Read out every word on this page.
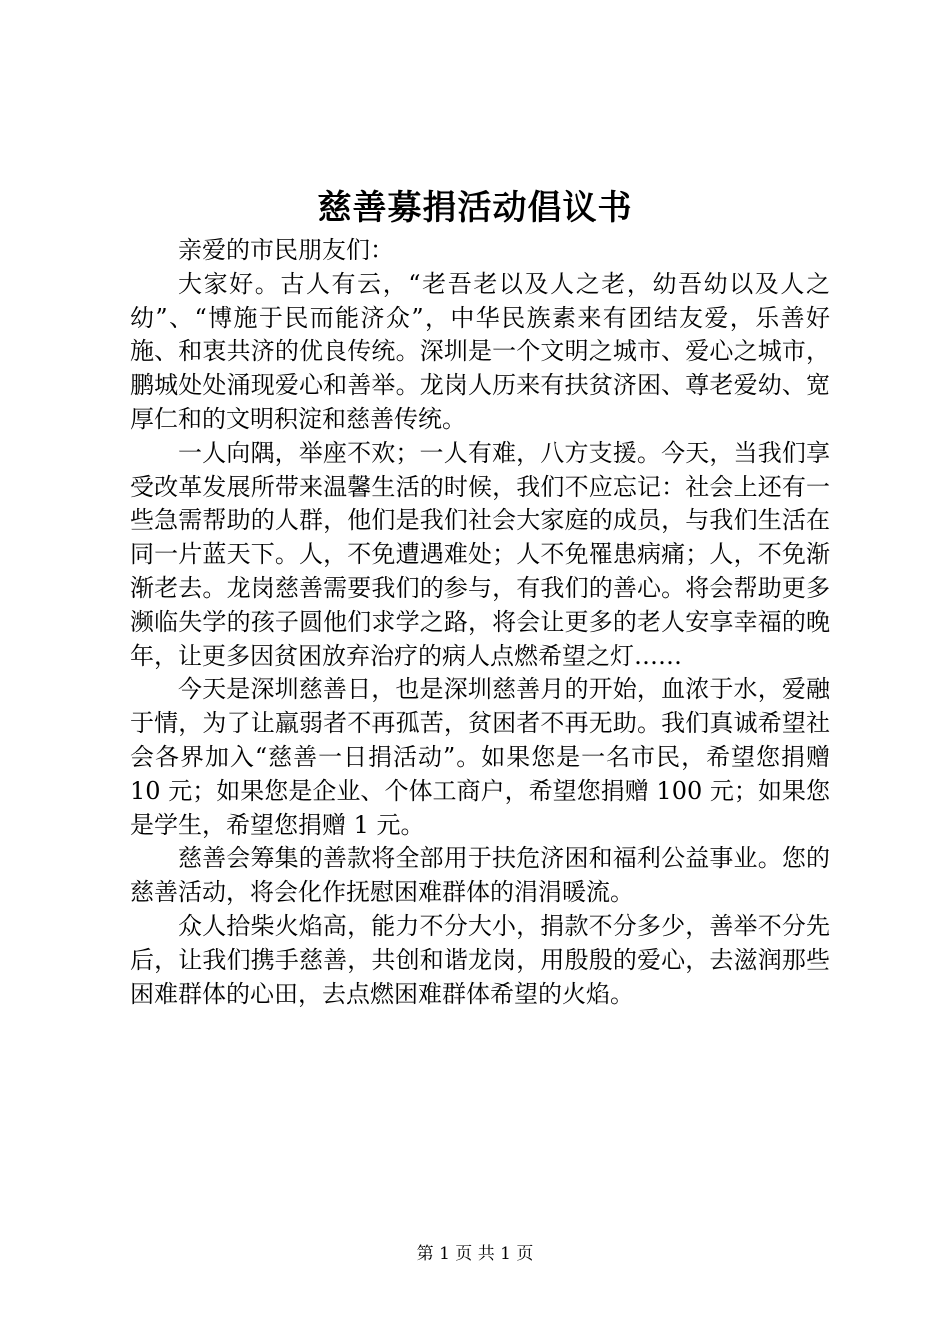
慈善募捐活动倡议书

亲爱的市民朋友们：

大家好。古人有云，“老吾老以及人之老，幼吾幼以及人之幼”、“博施于民而能济众”，中华民族素来有团结友爱，乐善好施、和衷共济的优良传统。深圳是一个文明之城市、爱心之城市，鹏城处处涌现爱心和善举。龙岗人历来有扶贫济困、尊老爱幼、宽厚仁和的文明积淀和慈善传统。

一人向隅，举座不欢；一人有难，八方支援。今天，当我们享受改革发展所带来温馨生活的时候，我们不应忘记：社会上还有一些急需帮助的人群，他们是我们社会大家庭的成员，与我们生活在同一片蓝天下。人，不免遭遇难处；人不免罹患病痛；人，不免渐渐老去。龙岗慈善需要我们的参与，有我们的善心。将会帮助更多濒临失学的孩子圆他们求学之路，将会让更多的老人安享幸福的晚年，让更多因贫困放弃治疗的病人点燃希望之灯……

今天是深圳慈善日，也是深圳慈善月的开始，血浓于水，爱融于情，为了让羸弱者不再孤苦，贫困者不再无助。我们真诚希望社会各界加入“慈善一日捐活动”。如果您是一名市民，希望您捐赠 10 元；如果您是企业、个体工商户，希望您捐赠 100 元；如果您是学生，希望您捐赠 1 元。

慈善会筹集的善款将全部用于扶危济困和福利公益事业。您的慈善活动，将会化作抚慰困难群体的涓涓暖流。

众人拾柴火焰高，能力不分大小，捐款不分多少，善举不分先后，让我们携手慈善，共创和谐龙岗，用殷殷的爱心，去滋润那些困难群体的心田，去点燃困难群体希望的火焰。

第 1 页 共 1 页
